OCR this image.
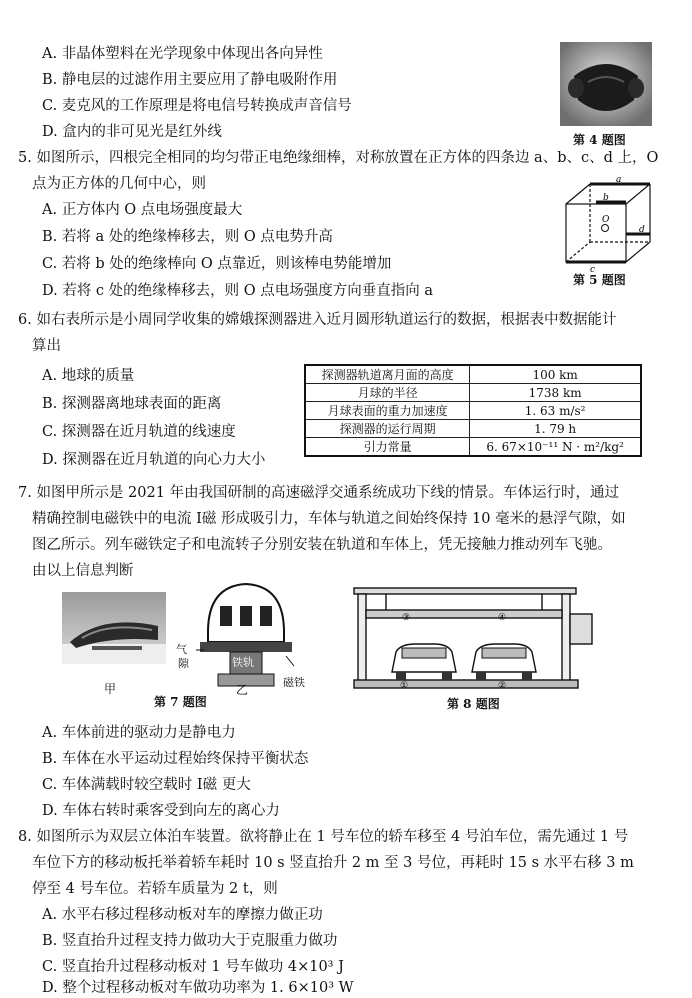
A. 非晶体塑料在光学现象中体现出各向异性
B. 静电层的过滤作用主要应用了静电吸附作用
C. 麦克风的工作原理是将电信号转换成声音信号
D. 盒内的非可见光是红外线	第 4 题图
5. 如图所示，四根完全相同的均匀带正电绝缘细棒，对称放置在正方体的四条边 a、b、c、d 上，O
点为正方体的几何中心，则
A. 正方体内 O 点电场强度最大
B. 若将 a 处的绝缘棒移去，则 O 点电势升高
C. 若将 b 处的绝缘棒向 O 点靠近，则该棒电势能增加
D. 若将 c 处的绝缘棒移去，则 O 点电场强度方向垂直指向 a
a
b
c
d
O
第 5 题图
6. 如右表所示是小周同学收集的嫦娥探测器进入近月圆形轨道运行的数据，根据表中数据能计
算出
A. 地球的质量
B. 探测器离地球表面的距离
C. 探测器在近月轨道的线速度
D. 探测器在近月轨道的向心力大小
探测器轨道离月面的高度	100 km
月球的半径	1738 km
月球表面的重力加速度	1. 63 m/s²
探测器的运行周期	1. 79 h
引力常量	6. 67×10⁻¹¹ N · m²/kg²
7. 如图甲所示是 2021 年由我国研制的高速磁浮交通系统成功下线的情景。车体运行时，通过
精确控制电磁铁中的电流 I磁 形成吸引力，车体与轨道之间始终保持 10 毫米的悬浮气隙，如
图乙所示。列车磁铁定子和电流转子分别安装在轨道和车体上，凭无接触力推动列车飞驰。
由以上信息判断
甲
气
隙	铁轨
磁铁
乙
第 7 题图
①	②
③	④
第 8 题图
A. 车体前进的驱动力是静电力
B. 车体在水平运动过程始终保持平衡状态
C. 车体满载时较空载时 I磁 更大
D. 车体右转时乘客受到向左的离心力
8. 如图所示为双层立体泊车装置。欲将静止在 1 号车位的轿车移至 4 号泊车位，需先通过 1 号
车位下方的移动板托举着轿车耗时 10 s 竖直抬升 2 m 至 3 号位，再耗时 15 s 水平右移 3 m
停至 4 号车位。若轿车质量为 2 t，则
A. 水平右移过程移动板对车的摩擦力做正功
B. 竖直抬升过程支持力做功大于克服重力做功
C. 竖直抬升过程移动板对 1 号车做功 4×10³ J
D. 整个过程移动板对车做功功率为 1. 6×10³ W
